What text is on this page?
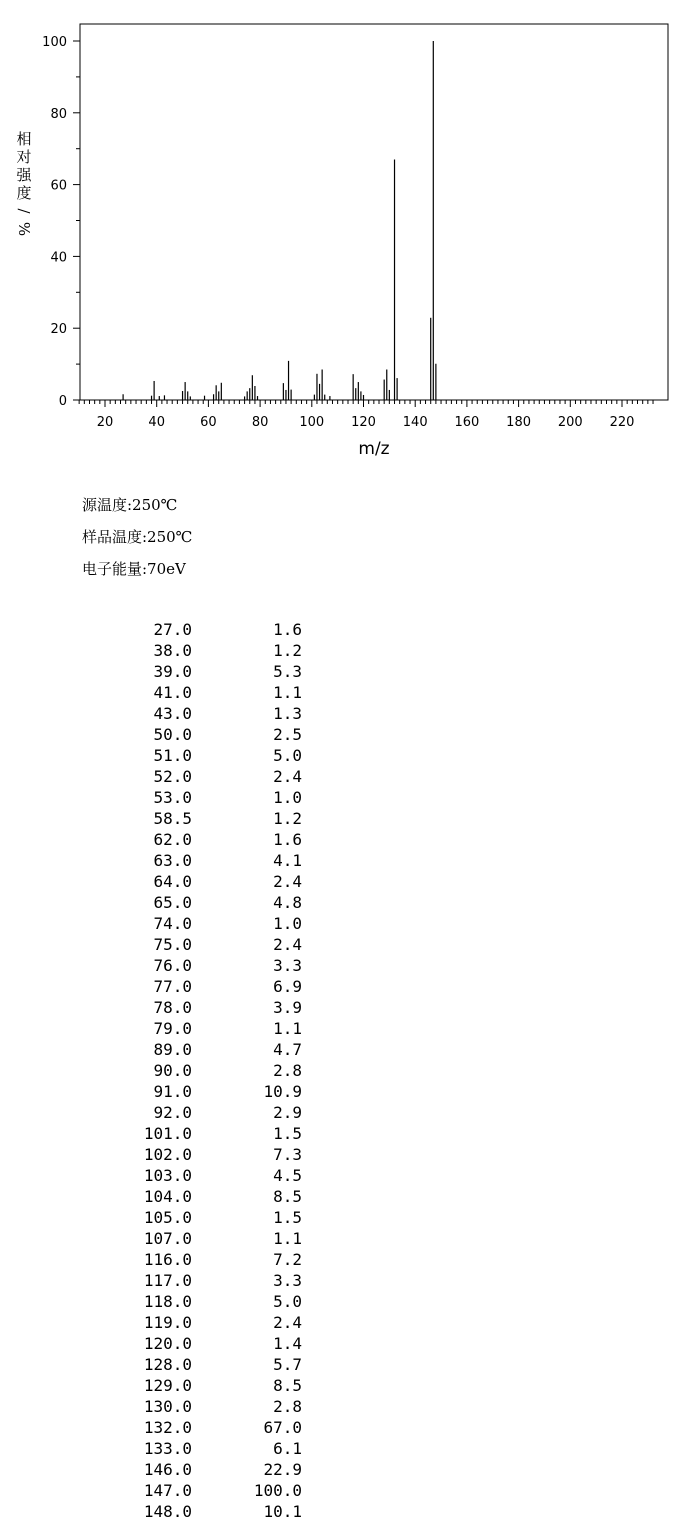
20	40	60	80 100 120 140 160 180 200 220
0
20
40
60
80
100
m/z
相
对
强
度
/
%
源温度:250℃
样品温度:250℃
电子能量:70eV
27.0	1.6
38.0	1.2
39.0	5.3
41.0	1.1
43.0	1.3
50.0	2.5
51.0	5.0
52.0	2.4
53.0	1.0
58.5	1.2
62.0	1.6
63.0	4.1
64.0	2.4
65.0	4.8
74.0	1.0
75.0	2.4
76.0	3.3
77.0	6.9
78.0	3.9
79.0	1.1
89.0	4.7
90.0	2.8
91.0	10.9
92.0	2.9
101.0	1.5
102.0	7.3
103.0	4.5
104.0	8.5
105.0	1.5
107.0	1.1
116.0	7.2
117.0	3.3
118.0	5.0
119.0	2.4
120.0	1.4
128.0	5.7
129.0	8.5
130.0	2.8
132.0	67.0
133.0	6.1
146.0	22.9
147.0	100.0
148.0	10.1
